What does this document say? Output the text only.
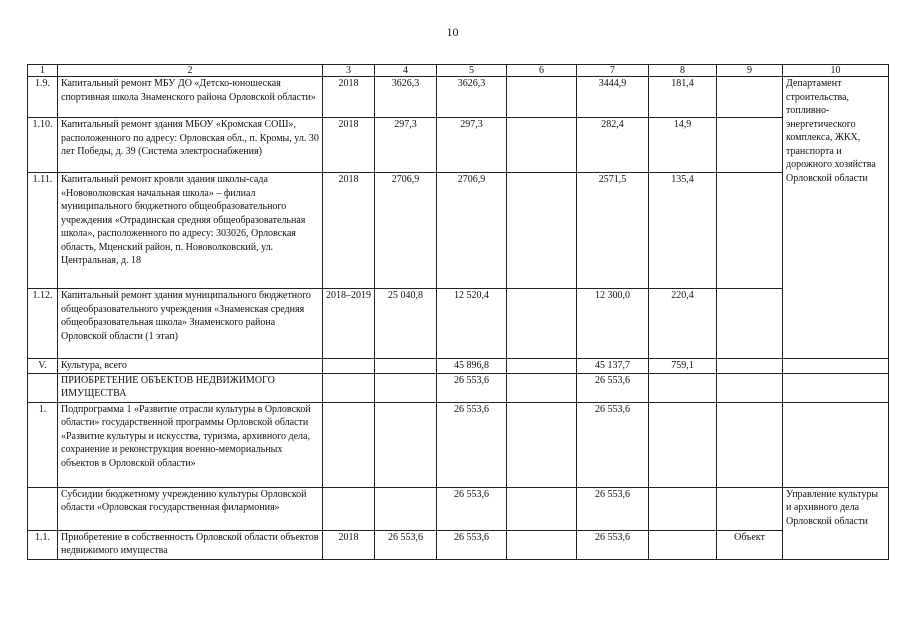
10
1	2	3	4	5	6	7	8	9	10
1.9.	Капитальный ремонт МБУ ДО «Детско-юношеская спортивная школа Знаменского района Орловской области»	2018	3626,3	3626,3		3444,9	181,4		Департамент строительства, топливно-энергетического комплекса, ЖКХ, транспорта и дорожного хозяйства Орловской области
1.10.	Капитальный ремонт здания МБОУ «Кромская СОШ», расположенного по адресу: Орловская обл., п. Кромы, ул. 30 лет Победы, д. 39 (Система электроснабжения)	2018	297,3	297,3		282,4	14,9		
1.11.	Капитальный ремонт кровли здания школы-сада «Нововолковская начальная школа» – филиал муниципального бюджетного общеобразовательного учреждения «Отрадинская средняя общеобразовательная школа», расположенного по адресу: 303026, Орловская область, Мценский район, п. Нововолковский, ул. Центральная, д. 18	2018	2706,9	2706,9		2571,5	135,4		
1.12.	Капитальный ремонт здания муниципального бюджетного общеобразовательного учреждения «Знаменская средняя общеобразовательная школа» Знаменского района Орловской области (1 этап)	2018–2019	25 040,8	12 520,4		12 300,0	220,4		
V.	Культура, всего			45 896,8		45 137,7	759,1		
	ПРИОБРЕТЕНИЕ ОБЪЕКТОВ НЕДВИЖИМОГО ИМУЩЕСТВА			26 553,6		26 553,6			
1.	Подпрограмма 1 «Развитие отрасли культуры в Орловской области» государственной программы Орловской области «Развитие культуры и искусства, туризма, архивного дела, сохранение и реконструкция военно-мемориальных объектов в Орловской области»			26 553,6		26 553,6			
	Субсидии бюджетному учреждению культуры Орловской области «Орловская государственная филармония»			26 553,6		26 553,6			Управление культуры и архивного дела Орловской области
1.1.	Приобретение в собственность Орловской области объектов недвижимого имущества	2018	26 553,6	26 553,6		26 553,6		Объект	
